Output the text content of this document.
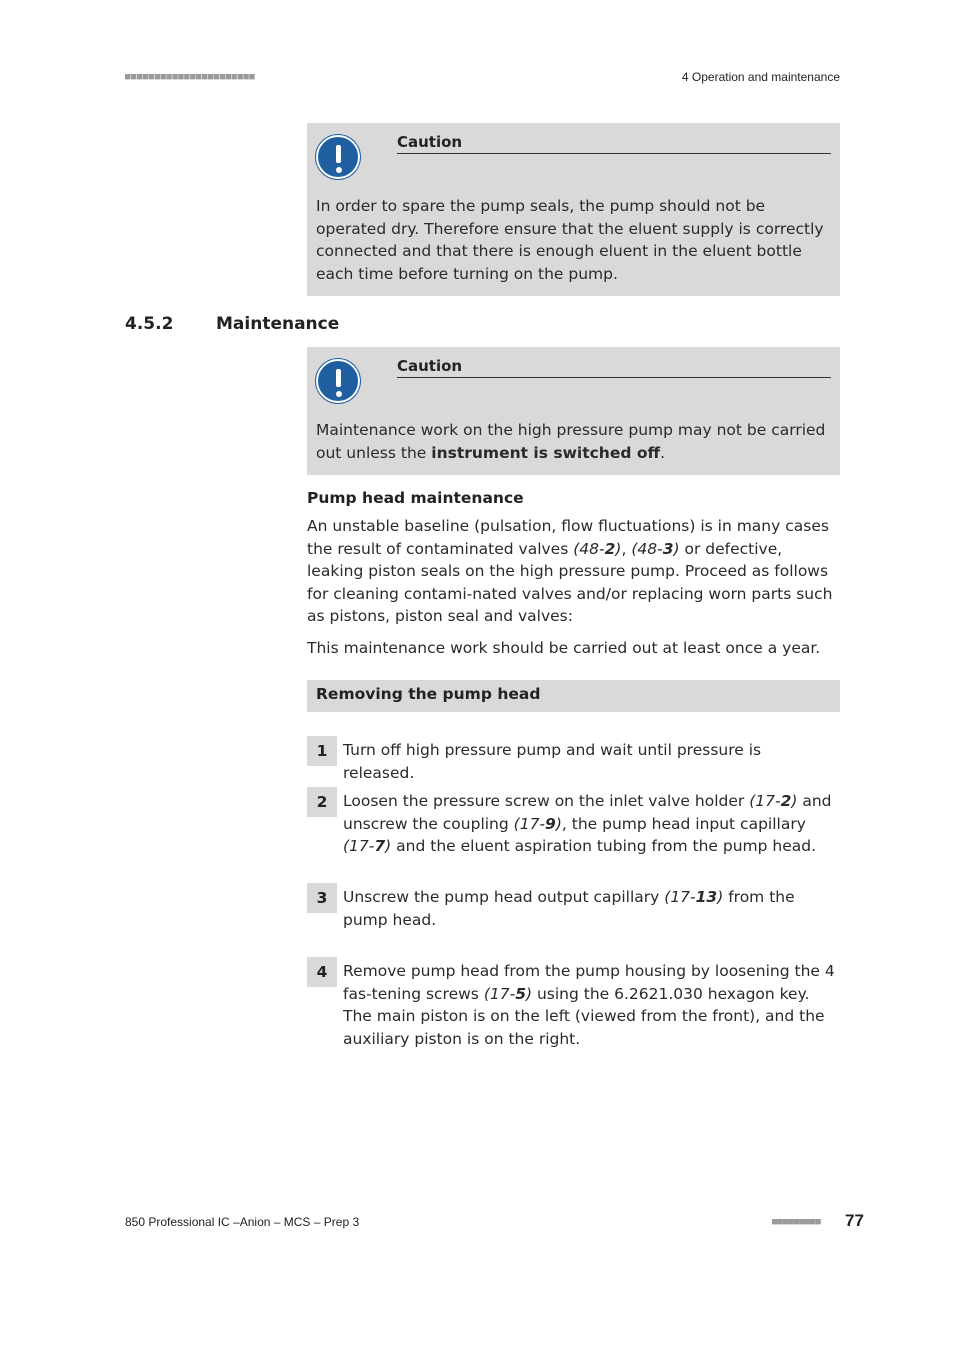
■■■■■■■■■■■■■■■■■■■■■■	4 Operation and maintenance
Caution
In order to spare the pump seals, the pump should not be operated dry. Therefore ensure that the eluent supply is correctly connected and that there is enough eluent in the eluent bottle each time before turning on the pump.
4.5.2	Maintenance
Caution
Maintenance work on the high pressure pump may not be carried out unless the instrument is switched off.
Pump head maintenance
An unstable baseline (pulsation, flow fluctuations) is in many cases the result of contaminated valves (48-2), (48-3) or defective, leaking piston seals on the high pressure pump. Proceed as follows for cleaning contami-nated valves and/or replacing worn parts such as pistons, piston seal and valves:
This maintenance work should be carried out at least once a year.
Removing the pump head
1	Turn off high pressure pump and wait until pressure is released.
2	Loosen the pressure screw on the inlet valve holder (17-2) and unscrew the coupling (17-9), the pump head input capillary (17-7) and the eluent aspiration tubing from the pump head.
3	Unscrew the pump head output capillary (17-13) from the pump head.
4	Remove pump head from the pump housing by loosening the 4 fas-tening screws (17-5) using the 6.2621.030 hexagon key. The main piston is on the left (viewed from the front), and the auxiliary piston is on the right.
850 Professional IC –Anion – MCS – Prep 3	■■■■■■■■■ 77
